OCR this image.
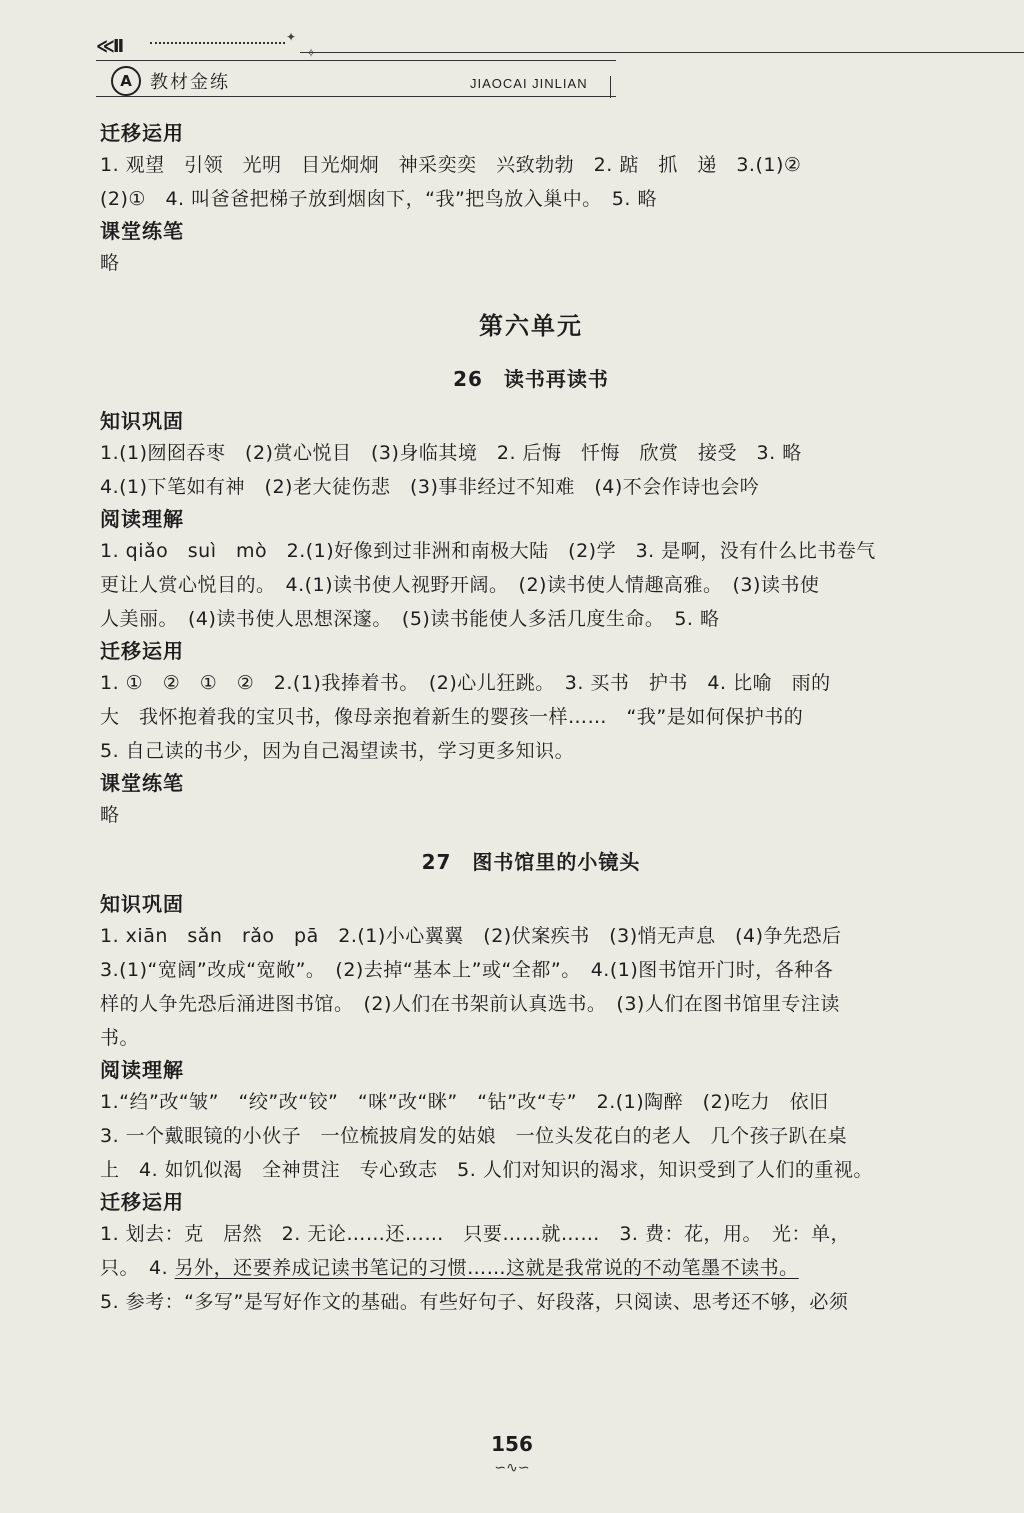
≪II	✦
✧
A	教材金练	JIAOCAI JINLIAN

迁移运用

1. 观望　引领　光明　目光炯炯　神采奕奕　兴致勃勃　2. 踮　抓　递　3.(1)②

(2)①　4. 叫爸爸把梯子放到烟囱下，“我”把鸟放入巢中。　5. 略

课堂练笔

略

第六单元
26　读书再读书

知识巩固

1.(1)囫囵吞枣　(2)赏心悦目　(3)身临其境　2. 后悔　忏悔　欣赏　接受　3. 略

4.(1)下笔如有神　(2)老大徒伤悲　(3)事非经过不知难　(4)不会作诗也会吟

阅读理解

1. qiǎo　suì　mò　2.(1)好像到过非洲和南极大陆　(2)学　3. 是啊，没有什么比书卷气

更让人赏心悦目的。　4.(1)读书使人视野开阔。　(2)读书使人情趣高雅。　(3)读书使

人美丽。　(4)读书使人思想深邃。　(5)读书能使人多活几度生命。　5. 略

迁移运用

1. ①　②　①　②　2.(1)我捧着书。　(2)心儿狂跳。　3. 买书　护书　4. 比喻　雨的

大　我怀抱着我的宝贝书，像母亲抱着新生的婴孩一样……　“我”是如何保护书的

5. 自己读的书少，因为自己渴望读书，学习更多知识。

课堂练笔

略

27　图书馆里的小镜头

知识巩固

1. xiān　sǎn　rǎo　pā　2.(1)小心翼翼　(2)伏案疾书　(3)悄无声息　(4)争先恐后

3.(1)“宽阔”改成“宽敞”。　(2)去掉“基本上”或“全都”。　4.(1)图书馆开门时，各种各

样的人争先恐后涌进图书馆。　(2)人们在书架前认真选书。　(3)人们在图书馆里专注读

书。

阅读理解

1.“绉”改“皱”　“绞”改“铰”　“咪”改“眯”　“钻”改“专”　2.(1)陶醉　(2)吃力　依旧

3. 一个戴眼镜的小伙子　一位梳披肩发的姑娘　一位头发花白的老人　几个孩子趴在桌

上　4. 如饥似渴　全神贯注　专心致志　5. 人们对知识的渴求，知识受到了人们的重视。

迁移运用

1. 划去：克　居然　2. 无论……还……　只要……就……　3. 费：花，用。　光：单，

只。　4. 另外，还要养成记读书笔记的习惯……这就是我常说的不动笔墨不读书。

5. 参考：“多写”是写好作文的基础。有些好句子、好段落，只阅读、思考还不够，必须

156
∽∿∽
